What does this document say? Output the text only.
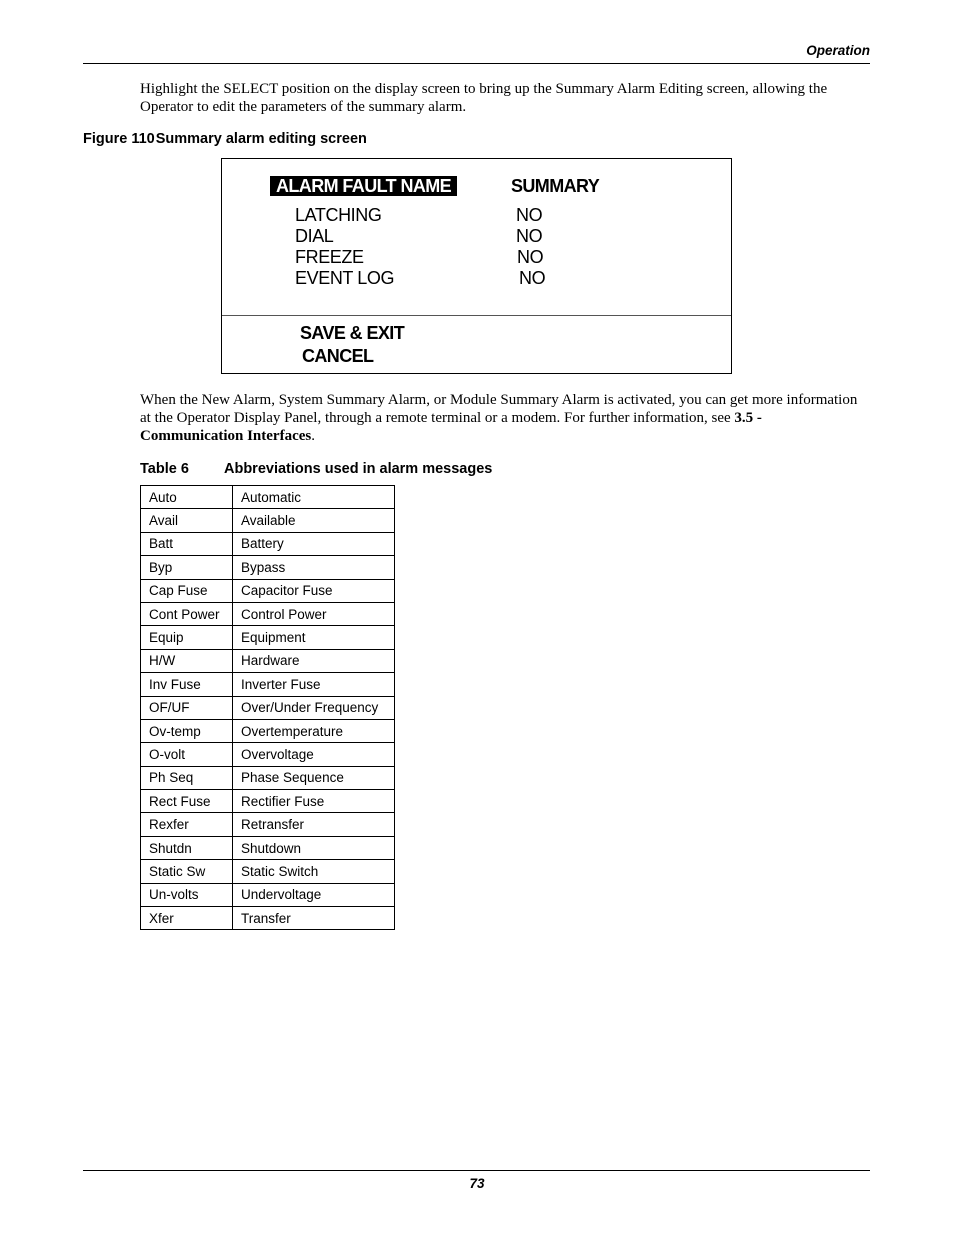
Operation

Highlight the SELECT position on the display screen to bring up the Summary Alarm Editing screen, allowing the Operator to edit the parameters of the summary alarm.

Figure 110Summary alarm editing screen
ALARM FAULT NAME	SUMMARY
LATCHING	NO
DIAL	NO
FREEZE	NO
EVENT LOG	NO
SAVE & EXIT
CANCEL

When the New Alarm, System Summary Alarm, or Module Summary Alarm is activated, you can get more information at the Operator Display Panel, through a remote terminal or a modem. For further information, see 3.5 - Communication Interfaces.

Table 6 Abbreviations used in alarm messages
Auto	Automatic
Avail	Available
Batt	Battery
Byp	Bypass
Cap Fuse	Capacitor Fuse
Cont Power	Control Power
Equip	Equipment
H/W	Hardware
Inv Fuse	Inverter Fuse
OF/UF	Over/Under Frequency
Ov-temp	Overtemperature
O-volt	Overvoltage
Ph Seq	Phase Sequence
Rect Fuse	Rectifier Fuse
Rexfer	Retransfer
Shutdn	Shutdown
Static Sw	Static Switch
Un-volts	Undervoltage
Xfer	Transfer
73
